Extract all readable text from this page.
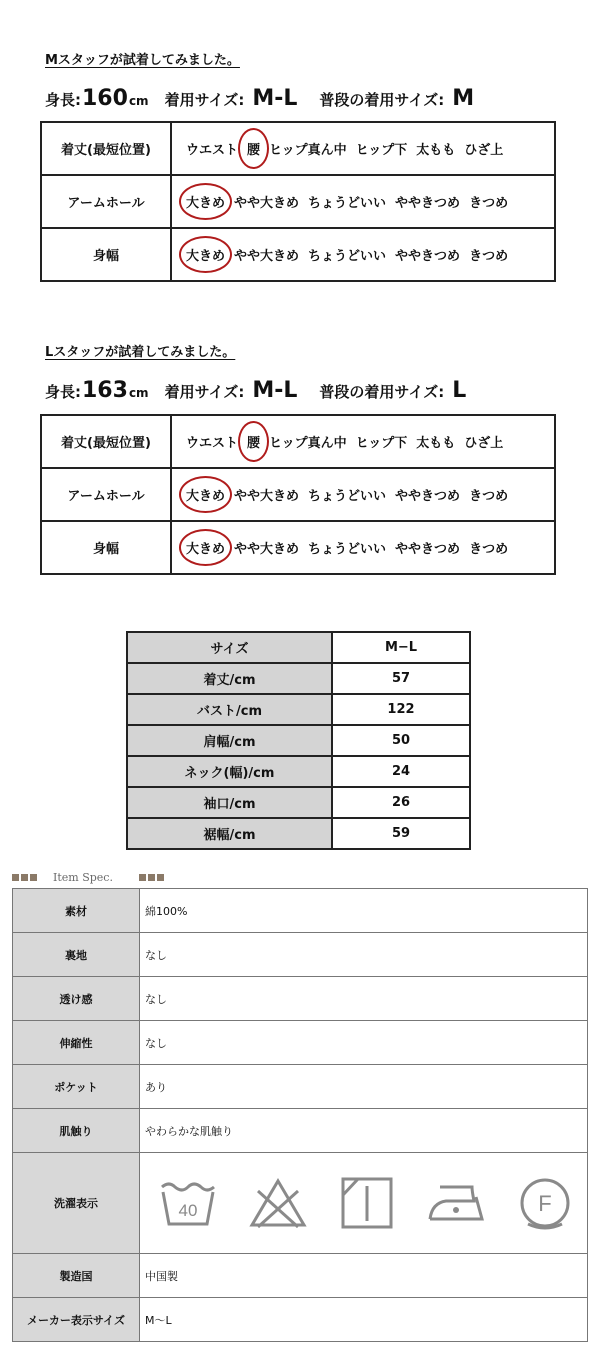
Mスタッフが試着してみました。
身長: 160 cm 着用サイズ: M-L 普段の着用サイズ: M
着丈(最短位置)	ウエスト 腰 ヒップ真ん中 ヒップ下 太もも ひざ上
アームホール	大きめ やや大きめ ちょうどいい ややきつめ きつめ
身幅	大きめ やや大きめ ちょうどいい ややきつめ きつめ
Lスタッフが試着してみました。
身長: 163 cm 着用サイズ: M-L 普段の着用サイズ: L
着丈(最短位置)	ウエスト 腰 ヒップ真ん中 ヒップ下 太もも ひざ上
アームホール	大きめ やや大きめ ちょうどいい ややきつめ きつめ
身幅	大きめ やや大きめ ちょうどいい ややきつめ きつめ
サイズ	M−L
着丈/cm	57
バスト/cm	122
肩幅/cm	50
ネック(幅)/cm	24
袖口/cm	26
裾幅/cm	59
Item Spec.
素材	綿100%
裏地	なし
透け感	なし
伸縮性	なし
ポケット	あり
肌触り	やわらかな肌触り
洗濯表示	40 F

製造国	中国製
メーカー表示サイズ	M〜L
